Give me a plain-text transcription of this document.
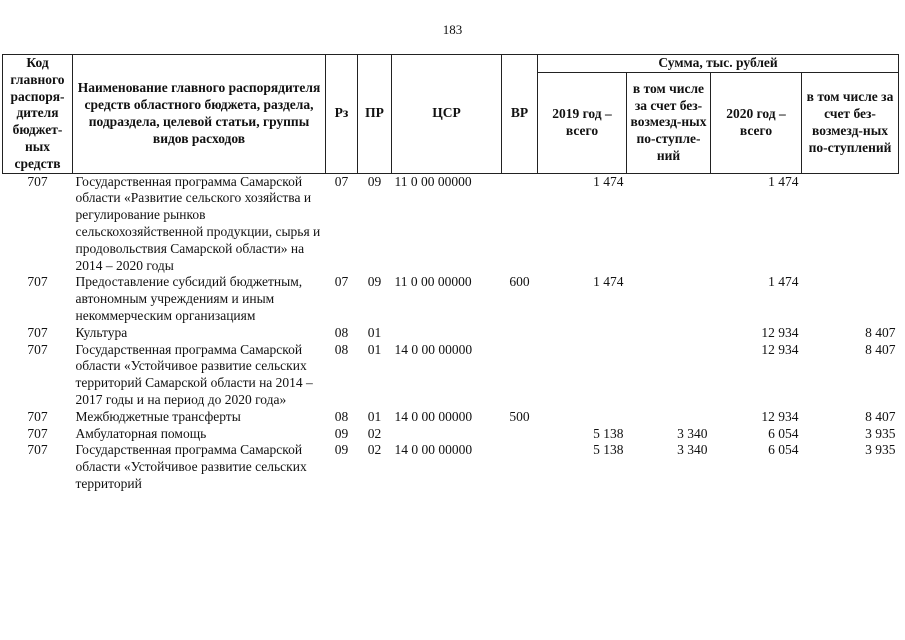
183
Код главного распоря-дителя бюджет-ных средств	Наименование главного распорядителя средств областного бюджета, раздела, подраздела, целевой статьи, группы видов расходов	Рз	ПР	ЦСР	ВР	Сумма, тыс. рублей			
						2019 год – всего	в том числе за счет без-возмезд-ных по-ступле-ний	2020 год – всего	в том числе за счет без-возмезд-ных по-ступлений
707	Государственная программа Самарской области «Развитие сельского хозяйства и регулирование рынков сельскохозяйственной продукции, сырья и продовольствия Самарской области» на 2014 – 2020 годы	07	09	11 0 00 00000		1 474		1 474	
707	Предоставление субсидий бюджетным, автономным учреждениям и иным некоммерческим организациям	07	09	11 0 00 00000	600	1 474		1 474	
707	Культура	08	01					12 934	8 407
707	Государственная программа Самарской области «Устойчивое развитие сельских территорий Самарской области на 2014 – 2017 годы и на период до 2020 года»	08	01	14 0 00 00000				12 934	8 407
707	Межбюджетные трансферты	08	01	14 0 00 00000	500			12 934	8 407
707	Амбулаторная помощь	09	02			5 138	3 340	6 054	3 935
707	Государственная программа Самарской области «Устойчивое развитие сельских территорий	09	02	14 0 00 00000		5 138	3 340	6 054	3 935
